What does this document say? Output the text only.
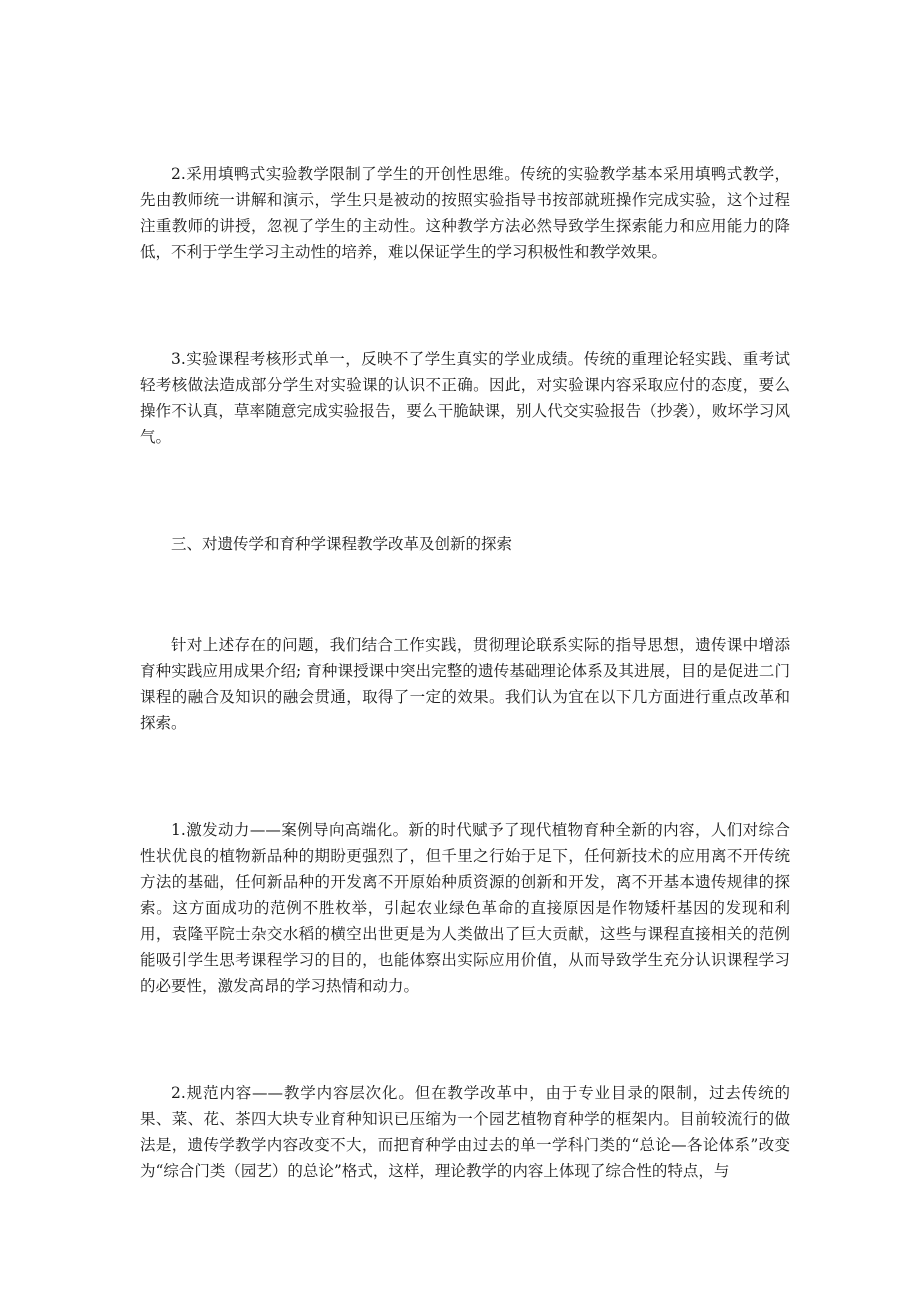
2.采用填鸭式实验教学限制了学生的开创性思维。传统的实验教学基本采用填鸭式教学，先由教师统一讲解和演示，学生只是被动的按照实验指导书按部就班操作完成实验，这个过程注重教师的讲授，忽视了学生的主动性。这种教学方法必然导致学生探索能力和应用能力的降低，不利于学生学习主动性的培养，难以保证学生的学习积极性和教学效果。

3.实验课程考核形式单一，反映不了学生真实的学业成绩。传统的重理论轻实践、重考试轻考核做法造成部分学生对实验课的认识不正确。因此，对实验课内容采取应付的态度，要么操作不认真，草率随意完成实验报告，要么干脆缺课，别人代交实验报告（抄袭），败坏学习风气。

三、对遗传学和育种学课程教学改革及创新的探索

针对上述存在的问题，我们结合工作实践，贯彻理论联系实际的指导思想，遗传课中增添育种实践应用成果介绍; 育种课授课中突出完整的遗传基础理论体系及其进展，目的是促进二门课程的融合及知识的融会贯通，取得了一定的效果。我们认为宜在以下几方面进行重点改革和探索。

1.激发动力——案例导向高端化。新的时代赋予了现代植物育种全新的内容，人们对综合性状优良的植物新品种的期盼更强烈了，但千里之行始于足下，任何新技术的应用离不开传统方法的基础，任何新品种的开发离不开原始种质资源的创新和开发，离不开基本遗传规律的探索。这方面成功的范例不胜枚举，引起农业绿色革命的直接原因是作物矮杆基因的发现和利用，袁隆平院士杂交水稻的横空出世更是为人类做出了巨大贡献，这些与课程直接相关的范例能吸引学生思考课程学习的目的，也能体察出实际应用价值，从而导致学生充分认识课程学习的必要性，激发高昂的学习热情和动力。

2.规范内容——教学内容层次化。但在教学改革中，由于专业目录的限制，过去传统的果、菜、花、茶四大块专业育种知识已压缩为一个园艺植物育种学的框架内。目前较流行的做法是，遗传学教学内容改变不大，而把育种学由过去的单一学科门类的“总论—各论体系”改变为“综合门类（园艺）的总论”格式，这样，理论教学的内容上体现了综合性的特点，与
